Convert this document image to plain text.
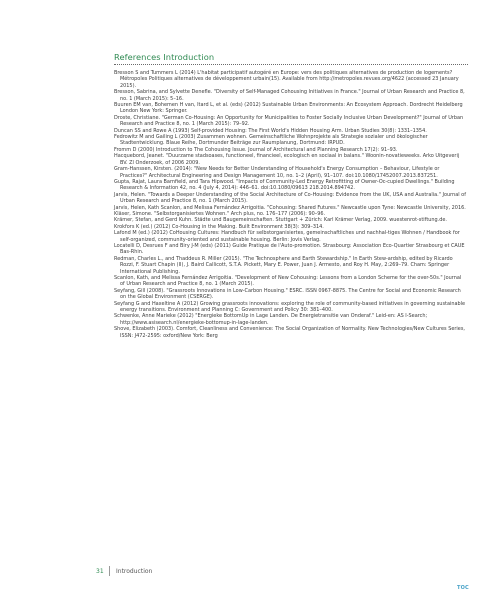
References Introduction
Bresson S and Tummers L (2014) L'habitat participatif autogéré en Europe: vers des politiques alternatives de production de logements? Métropoles Politiques alternatives de développement urbain(15). Available from http://metropoles.revues.org/4622 (accessed 23 January 2015).
Bresson, Sabrina, and Sylvette Denefle. "Diversity of Self-Managed Cohousing Initiatives in France." Journal of Urban Research and Practice 8, no. 1 (March 2015): 5–16.
Buuren EM van, Bohemen H van, Itard L, et al. (eds) (2012) Sustainable Urban Environments: An Ecosystem Approach. Dordrecht Heidelberg London New York: Springer.
Droste, Christiane. "German Co-Housing: An Opportunity for Municipalities to Foster Socially Inclusive Urban Development?" Journal of Urban Research and Practice 8, no. 1 (March 2015): 79–92.
Duncan SS and Rowe A (1993) Self-provided Housing: The First World's Hidden Housing Arm. Urban Studies 30(8): 1331–1354.
Fedrowitz M and Gailing L (2003) Zusammen wohnen. Gemeinschaftliche Wohnprojekte als Strategie sozialer und ökologischer Stadtentwicklung. Blaue Reihe, Dortmunder Beiträge zur Raumplanung, Dortmund: IRPUD.
Fromm D (2000) Introduction to The Cohousing Issue. Journal of Architectural and Planning Research 17(2): 91–93.
Hacquebord, Jeanet. "Duurzame stadsoases, functioneel, financieel, ecologisch en sociaal in balans." Woonin-novatieweeks. Arko Uitgeverij BV. Zl Onderzoek, of 2006 2009.
Gram-Hanssen, Kirsten. (2014): "New Needs for Better Understanding of Household's Energy Consumption – Behaviour, Lifestyle or Practices?" Architectural Engineering and Design Management 10, no. 1–2 (April), 91–107. doi:10.1080/17452007.2013.837251.
Gupta, Rajat, Laura Barnfield, and Tara Hipwood. "Impacts of Community-Led Energy Retrofitting of Owner-Oc-cupied Dwellings." Building Research & Information 42, no. 4 (July 4, 2014): 446–61. doi:10.1080/09613 218.2014.894742.
Jarvis, Helen. "Towards a Deeper Understanding of the Social Architecture of Co-Housing: Evidence from the UK, USA and Australia." Journal of Urban Research and Practice 8, no. 1 (March 2015).
Jarvis, Helen, Kath Scanlon, and Melissa Fernández Arrigoitia. "Cohousing: Shared Futures." Newcastle upon Tyne: Newcastle University, 2016.
Kläser, Simone. "Selbstorganisiertes Wohnen." Arch plus, no. 176–177 (2006): 90–96.
Krämer, Stefan, and Gerd Kuhn. Städte und Baugemeinschaften. Stuttgart + Zürich: Karl Krämer Verlag, 2009. wuestenrot-stiftung.de.
Krokfors K (ed.) (2012) Co-Housing in the Making. Built Environment 38(3): 309–314.
Lafond M (ed.) (2012) CoHousing Cultures: Handbuch für selbstorganisiertes, gemeinschaftliches und nachhal-tiges Wohnen / Handbook for self-organized, community-oriented and sustainable housing. Berlin: Jovis Verlag.
Locatelli D, Desrues F and Biry J-M (eds) (2011) Guide Pratique de l'Auto-promotion. Strasbourg: Association Eco-Quartier Strasbourg et CAUE Bas-Rhin.
Redman, Charles L., and Thaddeus R. Miller (2015). "The Technosphere and Earth Stewardship." In Earth Stew-ardship, edited by Ricardo Rozzi, F. Stuart Chapin (II), J. Baird Callicott, S.T.A. Pickett, Mary E. Power, Juan J. Armesto, and Roy H. May, 2:269–79. Cham: Springer International Publishing.
Scanlon, Kath, and Melissa Fernández Arrigoitia. "Development of New Cohousing: Lessons from a London Scheme for the over-50s." Journal of Urban Research and Practice 8, no. 1 (March 2015).
Seyfang, Gill (2008). "Grassroots Innovations in Low-Carbon Housing." ESRC. ISSN 0967-8875. The Centre for Social and Economic Research on the Global Environment (CSERGE).
Seyfang G and Haxeltine A (2012) Growing grassroots innovations: exploring the role of community-based initiatives in governing sustainable energy transitions. Environment and Planning C: Government and Policy 30: 381–400.
Schwenke, Anne Marieke (2012) "Energieke BottomUp in Lage Landen. De Energietransitie van Onderaf." Leid-en: AS I-Search; http://www.asisearch.nl/energieke-bottomup-in-lage-landen.
Shove, Elizabeth (2003). Comfort, Cleanliness and Convenience: The Social Organization of Normality. New Technologies/New Cultures Series, ISSN: J472-2595: oxford/New York: Berg
31 Introduction
TOC
